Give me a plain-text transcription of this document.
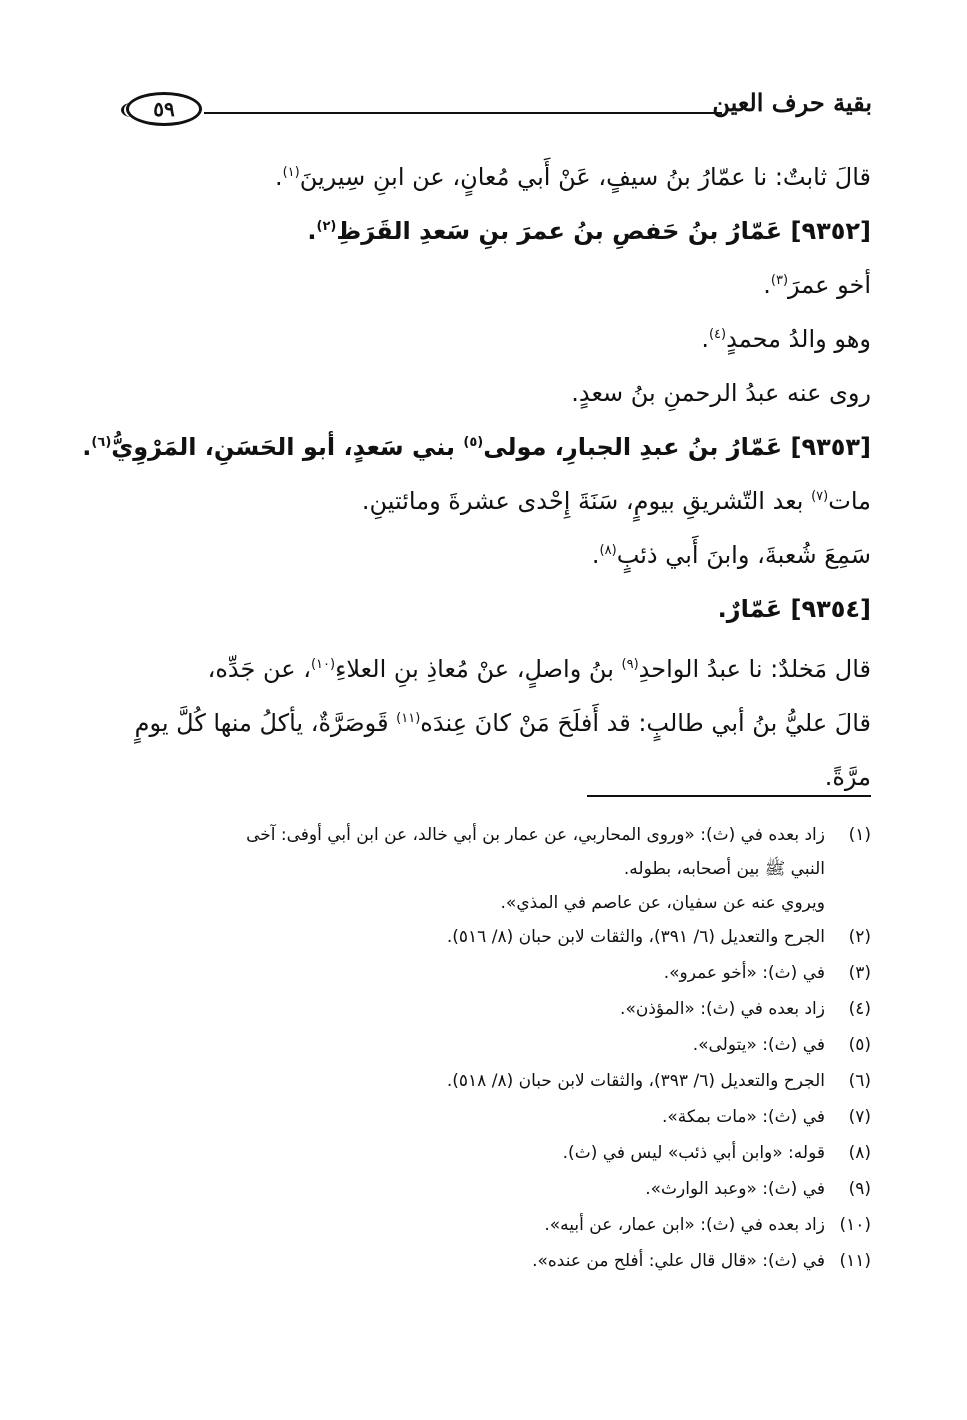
بقية حرف العين
٥٩
قالَ ثابتٌ: نا عمّارُ بنُ سيفٍ، عَنْ أَبي مُعانٍ، عن ابنِ سِيرينَ$^{(١)}$.
[٩٣٥٢] عَمّارُ بنُ حَفصِ بنُ عمرَ بنِ سَعدِ القَرَظِ$^{(٢)}$.
أخو عمرَ$^{(٣)}$.
وهو والدُ محمدٍ$^{(٤)}$.
روى عنه عبدُ الرحمنِ بنُ سعدٍ.
[٩٣٥٣] عَمّارُ بنُ عبدِ الجبارِ، مولى$^{(٥)}$ بني سَعدٍ، أبو الحَسَنِ، المَرْوِيُّ$^{(٦)}$.
مات$^{(٧)}$ بعد التّشريقِ بيومٍ، سَنَةَ إِحْدى عشرةَ ومائتينِ.
سَمِعَ شُعبةَ، وابنَ أَبي ذئبٍ$^{(٨)}$.
[٩٣٥٤] عَمّارٌ.
قال مَخلدٌ: نا عبدُ الواحدِ$^{(٩)}$ بنُ واصلٍ، عنْ مُعاذِ بنِ العلاءِ$^{(١٠)}$، عن جَدِّه،
قالَ عليُّ بنُ أبي طالبٍ: قد أَفلَحَ مَنْ كانَ عِندَه$^{(١١)}$ قَوصَرَّةٌ، يأكلُ منها كُلَّ يومٍ
مرَّةً.
(١)
زاد بعده في (ث): «وروى المحاربي، عن عمار بن أبي خالد، عن ابن أبي أوفى: آخى
النبي ﷺ بين أصحابه، بطوله.
ويروي عنه عن سفيان، عن عاصم في المذي».
(٢)
الجرح والتعديل (٦/ ٣٩١)، والثقات لابن حبان (٨/ ٥١٦).
(٣)
في (ث): «أخو عمرو».
(٤)
زاد بعده في (ث): «المؤذن».
(٥)
في (ث): «يتولى».
(٦)
الجرح والتعديل (٦/ ٣٩٣)، والثقات لابن حبان (٨/ ٥١٨).
(٧)
في (ث): «مات بمكة».
(٨)
قوله: «وابن أبي ذئب» ليس في (ث).
(٩)
في (ث): «وعبد الوارث».
(١٠)
زاد بعده في (ث): «ابن عمار، عن أبيه».
(١١)
في (ث): «قال قال علي: أفلح من عنده».
